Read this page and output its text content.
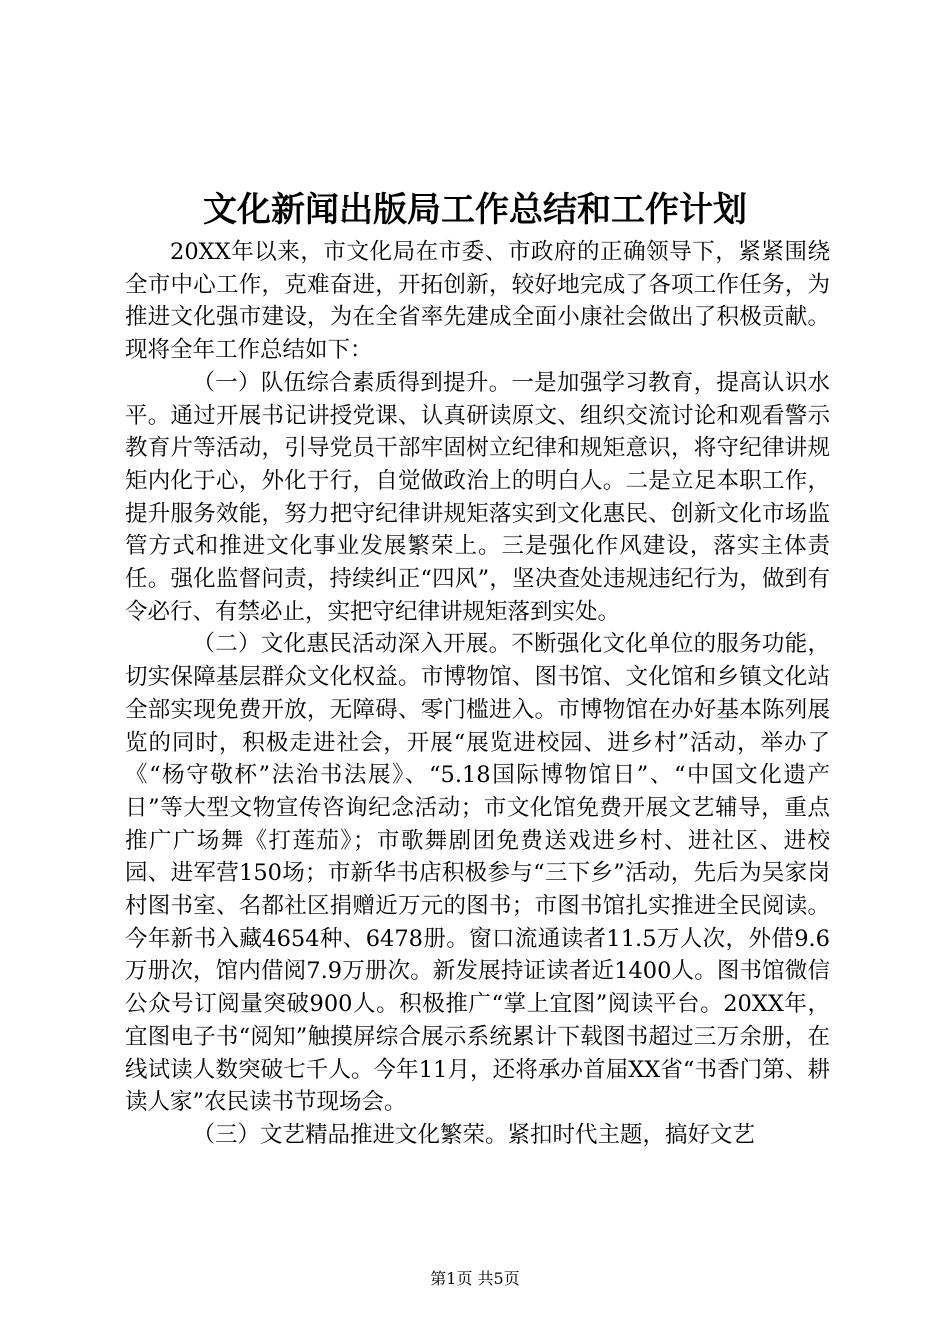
文化新闻出版局工作总结和工作计划

20XX年以来，市文化局在市委、市政府的正确领导下，紧紧围绕全市中心工作，克难奋进，开拓创新，较好地完成了各项工作任务，为推进文化强市建设，为在全省率先建成全面小康社会做出了积极贡献。现将全年工作总结如下：

（一）队伍综合素质得到提升。一是加强学习教育，提高认识水平。通过开展书记讲授党课、认真研读原文、组织交流讨论和观看警示教育片等活动，引导党员干部牢固树立纪律和规矩意识，将守纪律讲规矩内化于心，外化于行，自觉做政治上的明白人。二是立足本职工作，提升服务效能，努力把守纪律讲规矩落实到文化惠民、创新文化市场监管方式和推进文化事业发展繁荣上。三是强化作风建设，落实主体责任。强化监督问责，持续纠正“四风”，坚决查处违规违纪行为，做到有令必行、有禁必止，实把守纪律讲规矩落到实处。

（二）文化惠民活动深入开展。不断强化文化单位的服务功能，切实保障基层群众文化权益。市博物馆、图书馆、文化馆和乡镇文化站全部实现免费开放，无障碍、零门槛进入。市博物馆在办好基本陈列展览的同时，积极走进社会，开展“展览进校园、进乡村”活动，举办了《“杨守敬杯”法治书法展》、“5.18国际博物馆日”、“中国文化遗产日”等大型文物宣传咨询纪念活动；市文化馆免费开展文艺辅导，重点推广广场舞《打莲茄》；市歌舞剧团免费送戏进乡村、进社区、进校园、进军营150场；市新华书店积极参与“三下乡”活动，先后为吴家岗村图书室、名都社区捐赠近万元的图书；市图书馆扎实推进全民阅读。今年新书入藏4654种、6478册。窗口流通读者11.5万人次，外借9.6万册次，馆内借阅7.9万册次。新发展持证读者近1400人。图书馆微信公众号订阅量突破900人。积极推广“掌上宜图”阅读平台。20XX年，宜图电子书“阅知”触摸屏综合展示系统累计下载图书超过三万余册，在线试读人数突破七千人。今年11月，还将承办首届XX省“书香门第、耕读人家”农民读书节现场会。

（三）文艺精品推进文化繁荣。紧扣时代主题，搞好文艺

第1页 共5页
